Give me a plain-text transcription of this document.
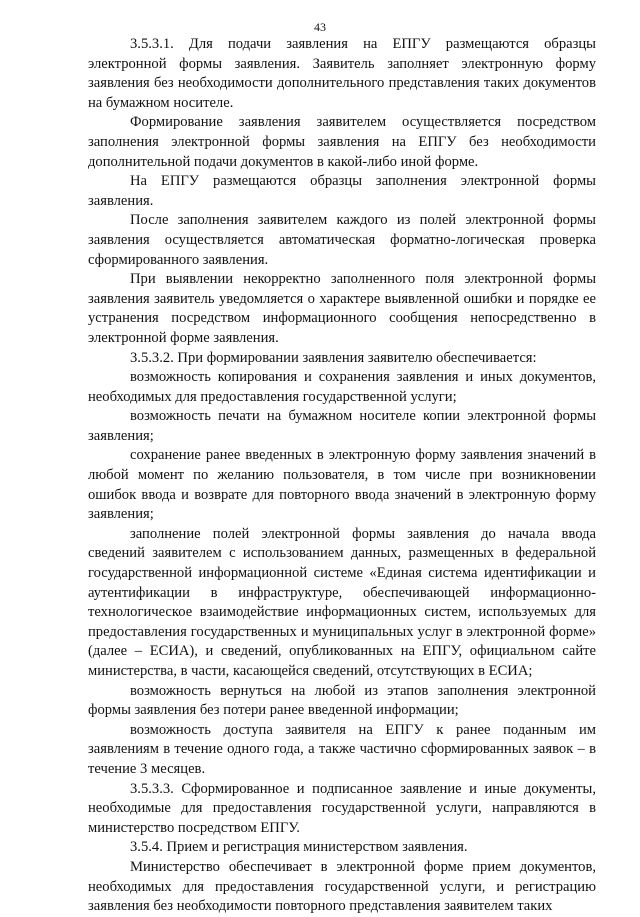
43

3.5.3.1. Для подачи заявления на ЕПГУ размещаются образцы электронной формы заявления. Заявитель заполняет электронную форму заявления без необходимости дополнительного представления таких документов на бумажном носителе.

Формирование заявления заявителем осуществляется посредством заполнения электронной формы заявления на ЕПГУ без необходимости дополнительной подачи документов в какой-либо иной форме.

На ЕПГУ размещаются образцы заполнения электронной формы заявления.

После заполнения заявителем каждого из полей электронной формы заявления осуществляется автоматическая форматно-логическая проверка сформированного заявления.

При выявлении некорректно заполненного поля электронной формы заявления заявитель уведомляется о характере выявленной ошибки и порядке ее устранения посредством информационного сообщения непосредственно в электронной форме заявления.

3.5.3.2. При формировании заявления заявителю обеспечивается:

возможность копирования и сохранения заявления и иных документов, необходимых для предоставления государственной услуги;

возможность печати на бумажном носителе копии электронной формы заявления;

сохранение ранее введенных в электронную форму заявления значений в любой момент по желанию пользователя, в том числе при возникновении ошибок ввода и возврате для повторного ввода значений в электронную форму заявления;

заполнение полей электронной формы заявления до начала ввода сведений заявителем с использованием данных, размещенных в федеральной государственной информационной системе «Единая система идентификации и аутентификации в инфраструктуре, обеспечивающей информационно-технологическое взаимодействие информационных систем, используемых для предоставления государственных и муниципальных услуг в электронной форме» (далее – ЕСИА), и сведений, опубликованных на ЕПГУ, официальном сайте министерства, в части, касающейся сведений, отсутствующих в ЕСИА;

возможность вернуться на любой из этапов заполнения электронной формы заявления без потери ранее введенной информации;

возможность доступа заявителя на ЕПГУ к ранее поданным им заявлениям в течение одного года, а также частично сформированных заявок – в течение 3 месяцев.

3.5.3.3. Сформированное и подписанное заявление и иные документы, необходимые для предоставления государственной услуги, направляются в министерство посредством ЕПГУ.

3.5.4. Прием и регистрация министерством заявления.

Министерство обеспечивает в электронной форме прием документов, необходимых для предоставления государственной услуги, и регистрацию заявления без необходимости повторного представления заявителем таких
